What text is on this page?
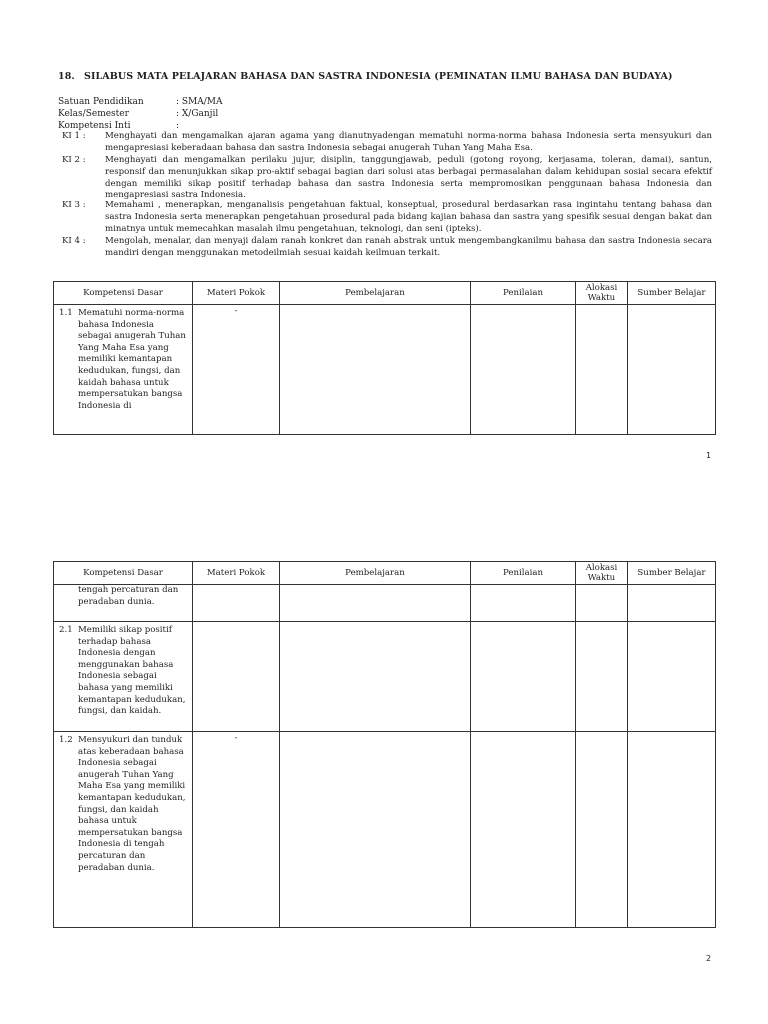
18. SILABUS MATA PELAJARAN BAHASA DAN SASTRA INDONESIA (PEMINATAN ILMU BAHASA DAN BUDAYA)
Satuan Pendidikan	: SMA/MA
Kelas/Semester	: X/Ganjil
Kompetensi Inti	:
KI 1 :	Menghayati dan mengamalkan ajaran agama yang dianutnyadengan mematuhi norma-norma bahasa Indonesia serta mensyukuri dan mengapresiasi keberadaan bahasa dan sastra Indonesia sebagai anugerah Tuhan Yang Maha Esa.
KI 2 :	Menghayati dan mengamalkan perilaku jujur, disiplin, tanggungjawab, peduli (gotong royong, kerjasama, toleran, damai), santun, responsif dan menunjukkan sikap pro-aktif sebagai bagian dari solusi atas berbagai permasalahan dalam kehidupan sosial secara efektif dengan memiliki sikap positif terhadap bahasa dan sastra Indonesia serta mempromosikan penggunaan bahasa Indonesia dan mengapresiasi sastra Indonesia.
KI 3 :	Memahami , menerapkan, menganalisis pengetahuan faktual, konseptual, prosedural berdasarkan rasa ingintahu tentang bahasa dan sastra Indonesia serta menerapkan pengetahuan prosedural pada bidang kajian bahasa dan sastra yang spesifik sesuai dengan bakat dan minatnya untuk memecahkan masalah ilmu pengetahuan, teknologi, dan seni (ipteks).
KI 4 :	Mengolah, menalar, dan menyaji dalam ranah konkret dan ranah abstrak untuk mengembangkanilmu bahasa dan sastra Indonesia secara mandiri dengan menggunakan metodeilmiah sesuai kaidah keilmuan terkait.
Kompetensi Dasar	Materi Pokok	Pembelajaran	Penilaian	Alokasi Waktu	Sumber Belajar

1.1 Mematuhi norma-norma bahasa Indonesia sebagai anugerah Tuhan Yang Maha Esa yang memiliki kemantapan kedudukan, fungsi, dan kaidah bahasa untuk mempersatukan bangsa Indonesia di	-				

1
Kompetensi Dasar	Materi Pokok	Pembelajaran	Penilaian	Alokasi Waktu	Sumber Belajar

tengah percaturan dan peradaban dunia.					

2.1 Memiliki sikap positif terhadap bahasa Indonesia dengan menggunakan bahasa Indonesia sebagai bahasa yang memiliki kemantapan kedudukan, fungsi, dan kaidah.					

1.2 Mensyukuri dan tunduk atas keberadaan bahasa Indonesia sebagai anugerah Tuhan Yang Maha Esa yang memiliki kemantapan kedudukan, fungsi, dan kaidah bahasa untuk mempersatukan bangsa Indonesia di tengah percaturan dan peradaban dunia.	-				

2
